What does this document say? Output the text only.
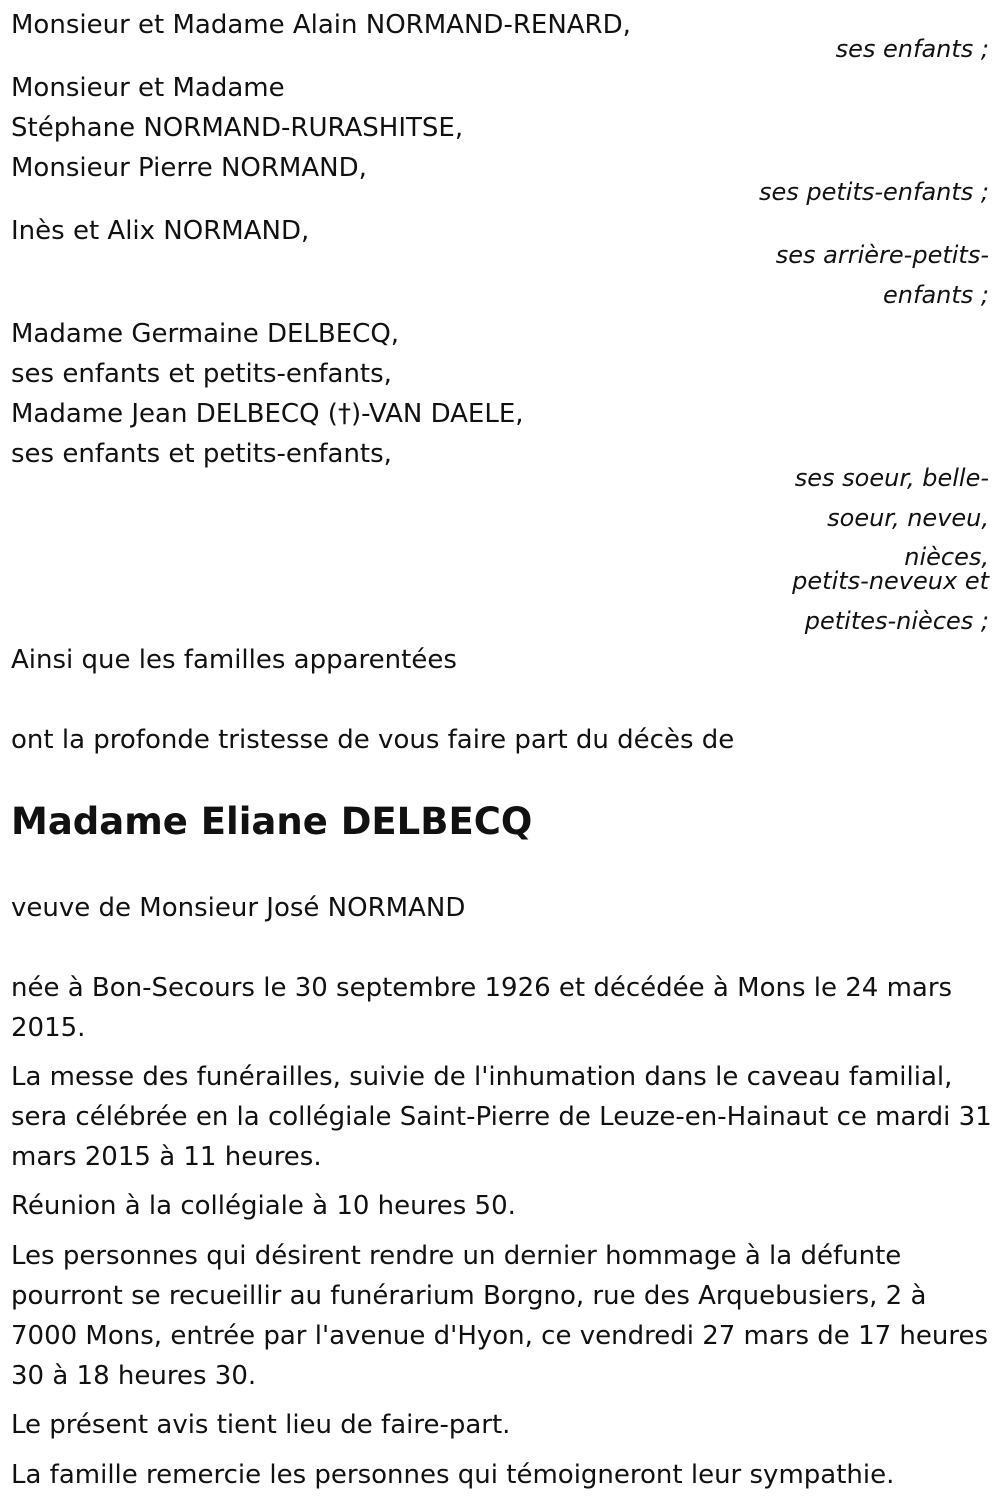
Monsieur et Madame Alain NORMAND-RENARD,

ses enfants ;

Monsieur et Madame

Stéphane NORMAND-RURASHITSE,

Monsieur Pierre NORMAND,

ses petits-enfants ;

Inès et Alix NORMAND,

ses arrière-petits-

enfants ;

Madame Germaine DELBECQ,

ses enfants et petits-enfants,

Madame Jean DELBECQ (†)-VAN DAELE,

ses enfants et petits-enfants,

ses soeur, belle-

soeur, neveu,

nièces,

petits-neveux et

petites-nièces ;

Ainsi que les familles apparentées

ont la profonde tristesse de vous faire part du décès de

Madame Eliane DELBECQ

veuve de Monsieur José NORMAND

née à Bon-Secours le 30 septembre 1926 et décédée à Mons le 24 mars 2015.

La messe des funérailles, suivie de l'inhumation dans le caveau familial, sera célébrée en la collégiale Saint-Pierre de Leuze-en-Hainaut ce mardi 31 mars 2015 à 11 heures.

Réunion à la collégiale à 10 heures 50.

Les personnes qui désirent rendre un dernier hommage à la défunte pourront se recueillir au funérarium Borgno, rue des Arquebusiers, 2 à 7000 Mons, entrée par l'avenue d'Hyon, ce vendredi 27 mars de 17 heures 30 à 18 heures 30.

Le présent avis tient lieu de faire-part.

La famille remercie les personnes qui témoigneront leur sympathie.
